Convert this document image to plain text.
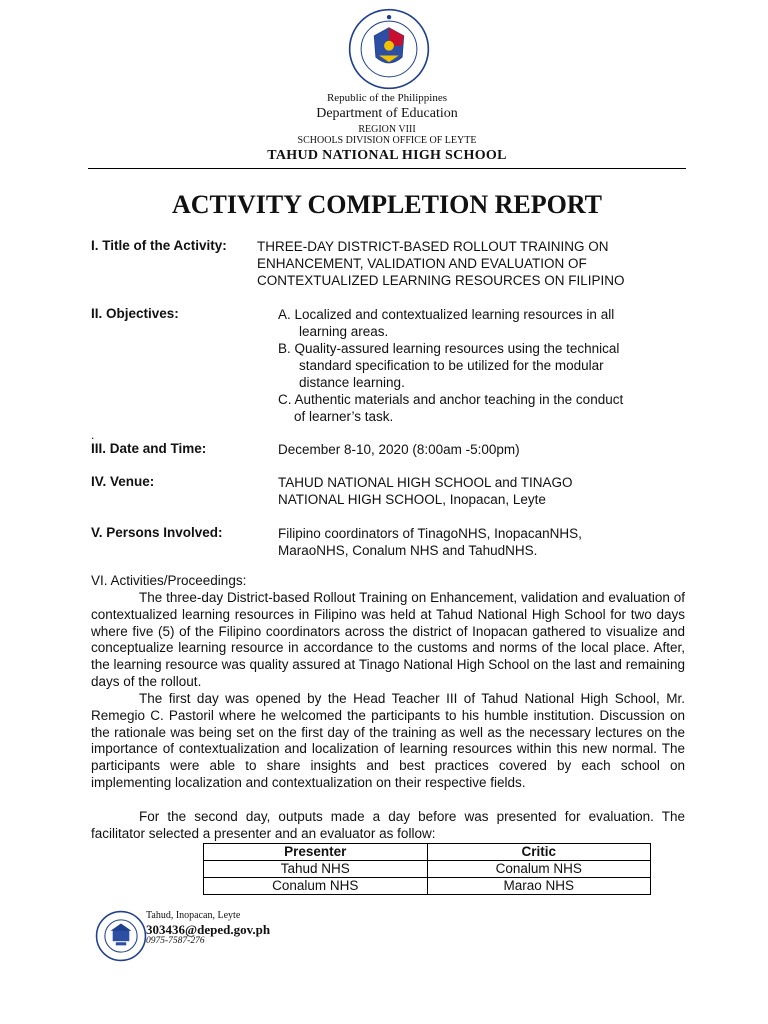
●
Republic of the Philippines
Department of Education
REGION VIII
SCHOOLS DIVISION OFFICE OF LEYTE
TAHUD NATIONAL HIGH SCHOOL
ACTIVITY COMPLETION REPORT
I. Title of the Activity: THREE-DAY DISTRICT-BASED ROLLOUT TRAINING ON
ENHANCEMENT, VALIDATION AND EVALUATION OF
CONTEXTUALIZED LEARNING RESOURCES ON FILIPINO
II. Objectives:	A. Localized and contextualized learning resources in all
learning areas.
B. Quality-assured learning resources using the technical
standard specification to be utilized for the modular
distance learning.
C. Authentic materials and anchor teaching in the conduct
of learner’s task.
.
III. Date and Time:	December 8-10, 2020 (8:00am -5:00pm)
IV. Venue:	TAHUD NATIONAL HIGH SCHOOL and TINAGO
NATIONAL HIGH SCHOOL, Inopacan, Leyte
V. Persons Involved:	Filipino coordinators of TinagoNHS, InopacanNHS,
MaraoNHS, Conalum NHS and TahudNHS.
VI. Activities/Proceedings:
The three-day District-based Rollout Training on Enhancement, validation and evaluation of contextualized learning resources in Filipino was held at Tahud National High School for two days where five (5) of the Filipino coordinators across the district of Inopacan gathered to visualize and conceptualize learning resource in accordance to the customs and norms of the local place. After, the learning resource was quality assured at Tinago National High School on the last and remaining days of the rollout.
The first day was opened by the Head Teacher III of Tahud National High School, Mr. Remegio C. Pastoril where he welcomed the participants to his humble institution. Discussion on the rationale was being set on the first day of the training as well as the necessary lectures on the importance of contextualization and localization of learning resources within this new normal. The participants were able to share insights and best practices covered by each school on implementing localization and contextualization on their respective fields.
For the second day, outputs made a day before was presented for evaluation. The facilitator selected a presenter and an evaluator as follow:
Presenter	Critic
Tahud NHS	Conalum NHS
Conalum NHS	Marao NHS
Tahud, Inopacan, Leyte
303436@deped.gov.ph
0975-7587-276
